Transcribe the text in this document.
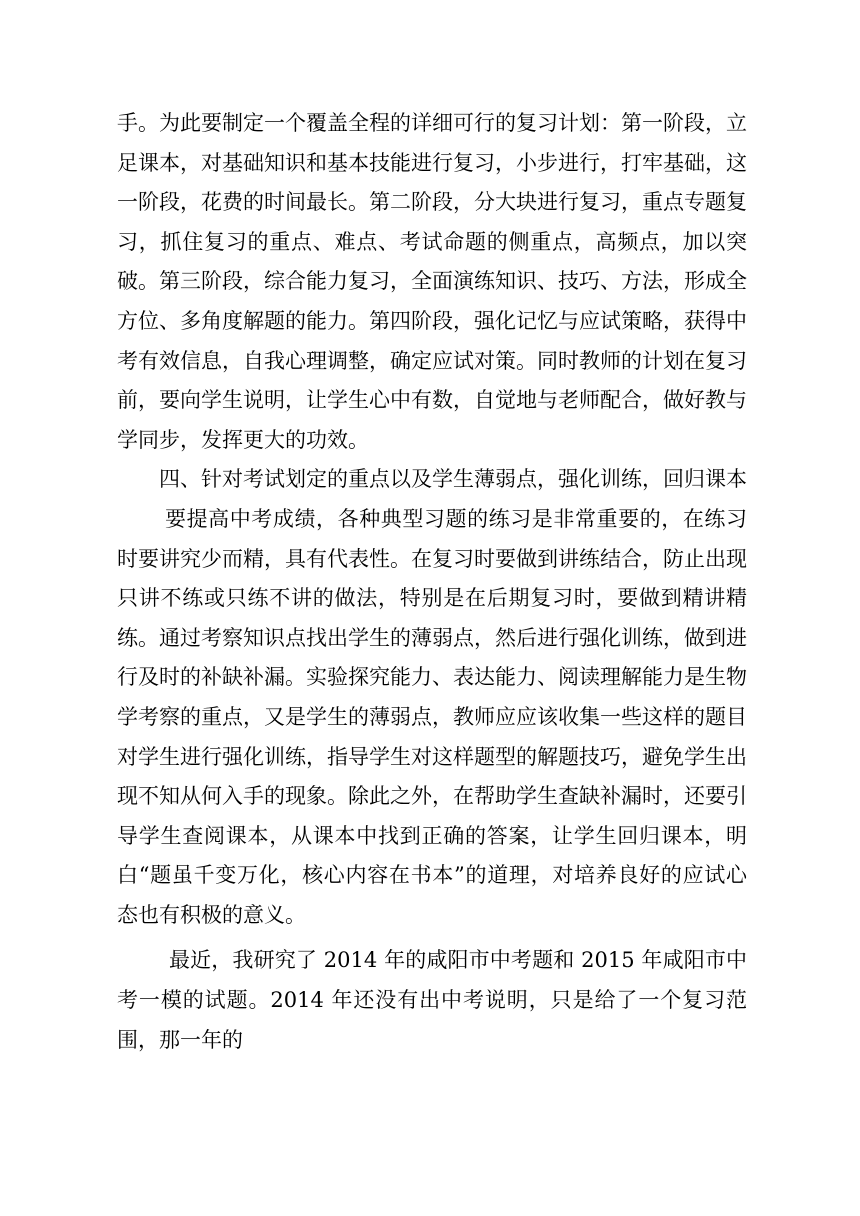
手。为此要制定一个覆盖全程的详细可行的复习计划：第一阶段，立足课本，对基础知识和基本技能进行复习，小步进行，打牢基础，这一阶段，花费的时间最长。第二阶段，分大块进行复习，重点专题复习，抓住复习的重点、难点、考试命题的侧重点，高频点，加以突破。第三阶段，综合能力复习，全面演练知识、技巧、方法，形成全方位、多角度解题的能力。第四阶段，强化记忆与应试策略，获得中考有效信息，自我心理调整，确定应试对策。同时教师的计划在复习前，要向学生说明，让学生心中有数，自觉地与老师配合，做好教与学同步，发挥更大的功效。

四、针对考试划定的重点以及学生薄弱点，强化训练，回归课本

要提高中考成绩，各种典型习题的练习是非常重要的，在练习时要讲究少而精，具有代表性。在复习时要做到讲练结合，防止出现只讲不练或只练不讲的做法，特别是在后期复习时，要做到精讲精练。通过考察知识点找出学生的薄弱点，然后进行强化训练，做到进行及时的补缺补漏。实验探究能力、表达能力、阅读理解能力是生物学考察的重点，又是学生的薄弱点，教师应应该收集一些这样的题目对学生进行强化训练，指导学生对这样题型的解题技巧，避免学生出现不知从何入手的现象。除此之外，在帮助学生查缺补漏时，还要引导学生查阅课本，从课本中找到正确的答案，让学生回归课本，明白“题虽千变万化，核心内容在书本”的道理，对培养良好的应试心态也有积极的意义。

最近，我研究了 2014 年的咸阳市中考题和 2015 年咸阳市中考一模的试题。2014 年还没有出中考说明，只是给了一个复习范围，那一年的
